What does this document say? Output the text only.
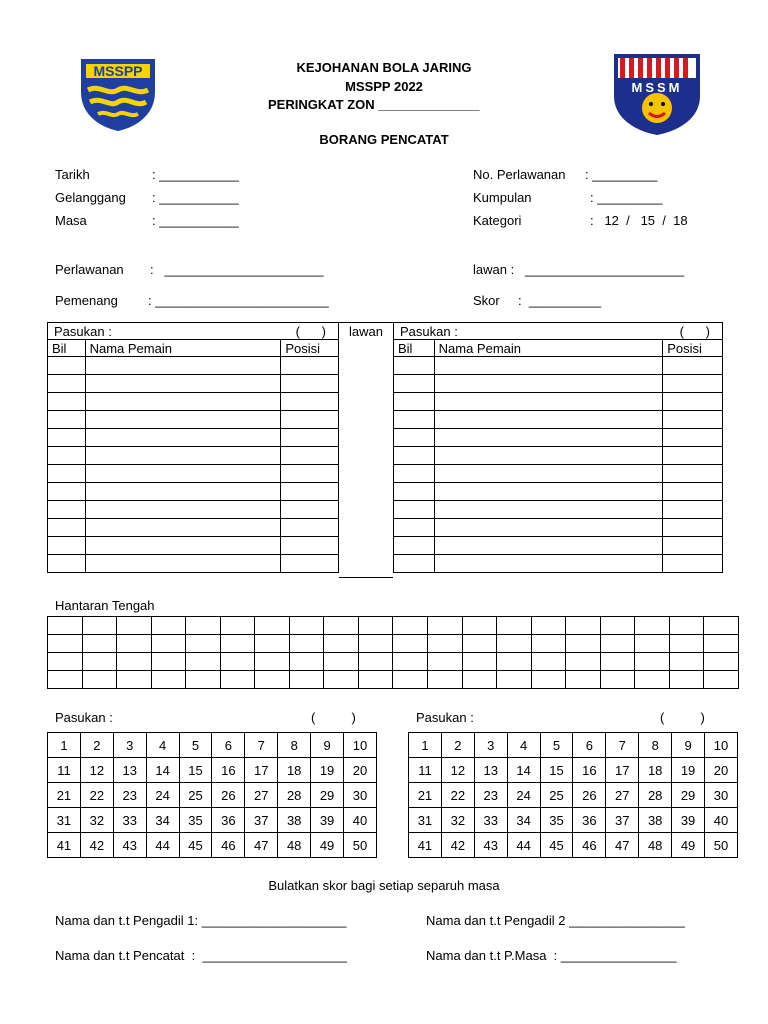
MSSPP
MSSM
KEJOHANAN BOLA JARING
MSSPP 2022
PERINGKAT ZON ______________
BORANG PENCATAT
Tarikh	: ___________
Gelanggang : ___________
Masa	: ___________
No. Perlawanan : _________
Kumpulan	: _________
Kategori	:   12  /   15  /  18
Perlawanan :   ______________________	lawan : ______________________
Pemenang : ________________________	Skor :  __________
Pasukan : (      )		

Bil	Nama Pemain	Posisi

Pasukan : (      )		

Bil	Nama Pemain	Posisi

lawan
Hantaran Tengah

Pasukan :	(          )	Pasukan :	(          )
1	2	3	4	5	6	7	8	9	10
11	12	13	14	15	16	17	18	19	20
21	22	23	24	25	26	27	28	29	30
31	32	33	34	35	36	37	38	39	40
41	42	43	44	45	46	47	48	49	50
1	2	3	4	5	6	7	8	9	10
11	12	13	14	15	16	17	18	19	20
21	22	23	24	25	26	27	28	29	30
31	32	33	34	35	36	37	38	39	40
41	42	43	44	45	46	47	48	49	50
Bulatkan skor bagi setiap separuh masa
Nama dan t.t Pengadil 1: ____________________	Nama dan t.t Pengadil 2 ________________
Nama dan t.t Pencatat  :  ____________________	Nama dan t.t P.Masa  : ________________
